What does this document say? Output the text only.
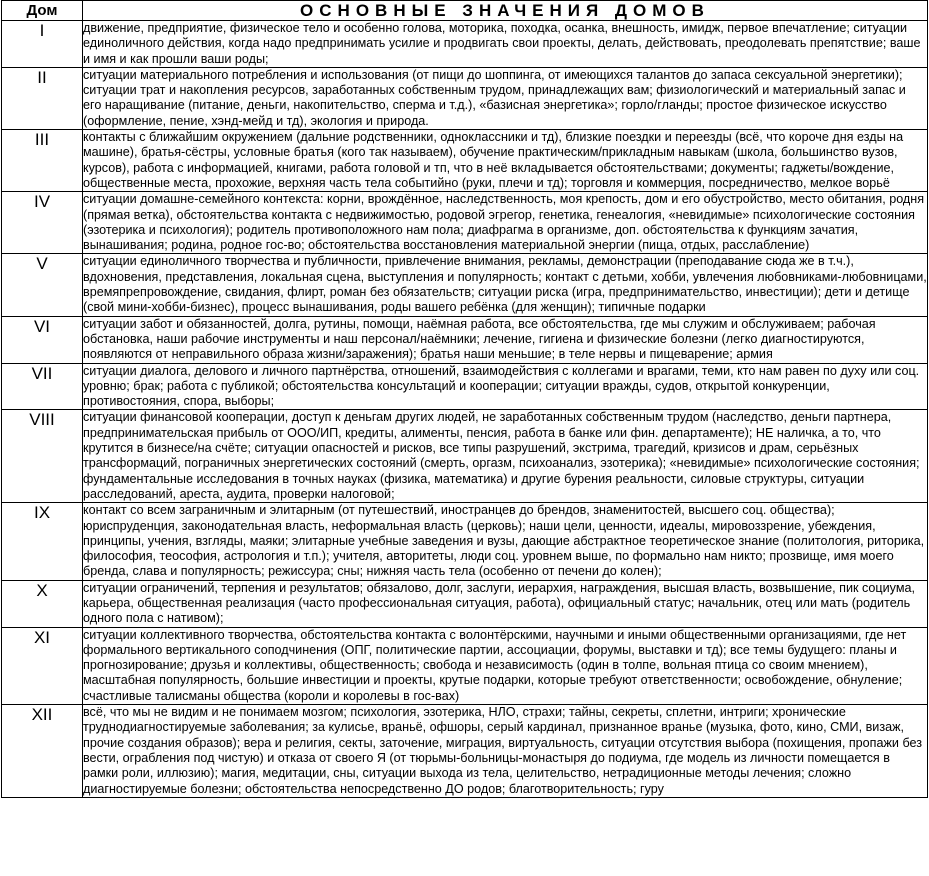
Дом	ОСНОВНЫЕ ЗНАЧЕНИЯ ДОМОВ
I	движение, предприятие, физическое тело и особенно голова, моторика, походка, осанка, внешность, имидж, первое впечатление; ситуации единоличного действия, когда надо предпринимать усилие и продвигать свои проекты, делать, действовать, преодолевать препятствие; ваше и имя и как прошли ваши роды;
II	ситуации материального потребления и использования (от пищи до шоппинга, от имеющихся талантов до запаса сексуальной энергетики); ситуации трат и накопления ресурсов, заработанных собственным трудом, принадлежащих вам; физиологический и материальный запас и его наращивание (питание, деньги, накопительство, сперма и т.д.), «базисная энергетика»; горло/гланды; простое физическое искусство (оформление, пение, хэнд-мейд и тд), экология и природа.
III	контакты с ближайшим окружением (дальние родственники, одноклассники и тд), близкие поездки и переезды (всё, что короче дня езды на машине), братья-сёстры, условные братья (кого так называем), обучение практическим/прикладным навыкам (школа, большинство вузов, курсов), работа с информацией, книгами, работа головой и тп, что в неё вкладывается обстоятельствами; документы; гаджеты/вождение, общественные места, прохожие, верхняя часть тела событийно (руки, плечи и тд); торговля и коммерция, посредничество, мелкое ворьё
IV	ситуации домашне-семейного контекста: корни, врождённое, наследственность, моя крепость, дом и его обустройство, место обитания, родня (прямая ветка), обстоятельства контакта с недвижимостью, родовой эгрегор, генетика, генеалогия, «невидимые» психологические состояния (эзотерика и психология); родитель противоположного нам пола; диафрагма в организме, доп. обстоятельства к функциям зачатия, вынашивания; родина, родное гос-во; обстоятельства восстановления материальной энергии (пища, отдых, расслабление)
V	ситуации единоличного творчества и публичности, привлечение внимания, рекламы, демонстрации (преподавание сюда же в т.ч.), вдохновения, представления, локальная сцена, выступления и популярность; контакт с детьми, хобби, увлечения любовниками-любовницами, времяпрепровождение, свидания, флирт, роман без обязательств; ситуации риска (игра, предпринимательство, инвестиции); дети и детище (свой мини-хобби-бизнес), процесс вынашивания, роды вашего ребёнка (для женщин); типичные подарки
VI	ситуации забот и обязанностей, долга, рутины, помощи, наёмная работа, все обстоятельства, где мы служим и обслуживаем; рабочая обстановка, наши рабочие инструменты и наш персонал/наёмники; лечение, гигиена и физические болезни (легко диагностируются, появляются от неправильного образа жизни/заражения); братья наши меньшие; в теле нервы и пищеварение; армия
VII	ситуации диалога, делового и личного партнёрства, отношений, взаимодействия с коллегами и врагами, теми, кто нам равен по духу или соц. уровню; брак; работа с публикой; обстоятельства консультаций и кооперации; ситуации вражды, судов, открытой конкуренции, противостояния, спора, выборы;
VIII	ситуации финансовой кооперации, доступ к деньгам других людей, не заработанных собственным трудом (наследство, деньги партнера, предпринимательская прибыль от ООО/ИП, кредиты, алименты, пенсия, работа в банке или фин. департаменте); НЕ наличка, а то, что крутится в бизнесе/на счёте; ситуации опасностей и рисков, все типы разрушений, экстрима, трагедий, кризисов и драм, серьёзных трансформаций, пограничных энергетических состояний (смерть, оргазм, психоанализ, эзотерика); «невидимые» психологические состояния; фундаментальные исследования в точных науках (физика, математика) и другие бурения реальности, силовые структуры, ситуации расследований, ареста, аудита, проверки налоговой;
IX	контакт со всем заграничным и элитарным (от путешествий, иностранцев до брендов, знаменитостей, высшего соц. общества); юриспруденция, законодательная власть, неформальная власть (церковь); наши цели, ценности, идеалы, мировоззрение, убеждения, принципы, учения, взгляды, маяки; элитарные учебные заведения и вузы, дающие абстрактное теоретическое знание (политология, риторика, философия, теософия, астрология и т.п.); учителя, авторитеты, люди соц. уровнем выше, по формально нам никто; прозвище, имя моего бренда, слава и популярность; режиссура; сны; нижняя часть тела (особенно от печени до колен);
X	ситуации ограничений, терпения и результатов; обязалово, долг, заслуги, иерархия, награждения, высшая власть, возвышение, пик социума, карьера, общественная реализация (часто профессиональная ситуация, работа), официальный статус; начальник, отец или мать (родитель одного пола с нативом);
XI	ситуации коллективного творчества, обстоятельства контакта с волонтёрскими, научными и иными общественными организациями, где нет формального вертикального соподчинения (ОПГ, политические партии, ассоциации, форумы, выставки и тд); все темы будущего: планы и прогнозирование; друзья и коллективы, общественность; свобода и независимость (один в толпе, вольная птица со своим мнением), масштабная популярность, большие инвестиции и проекты, крутые подарки, которые требуют ответственности; освобождение, обнуление; счастливые талисманы общества (короли и королевы в гос-вах)
XII	всё, что мы не видим и не понимаем мозгом; психология, эзотерика, НЛО, страхи; тайны, секреты, сплетни, интриги; хронические труднодиагностируемые заболевания; за кулисье, враньё, офшоры, серый кардинал, признанное вранье (музыка, фото, кино, СМИ, визаж, прочие создания образов); вера и религия, секты, заточение, миграция, виртуальность, ситуации отсутствия выбора (похищения, пропажи без вести, ограбления под чистую) и отказа от своего Я (от тюрьмы-больницы-монастыря до подиума, где модель из личности помещается в рамки роли, иллюзию); магия, медитации, сны, ситуации выхода из тела, целительство, нетрадиционные методы лечения; сложно диагностируемые болезни; обстоятельства непосредственно ДО родов; благотворительность; гуру
